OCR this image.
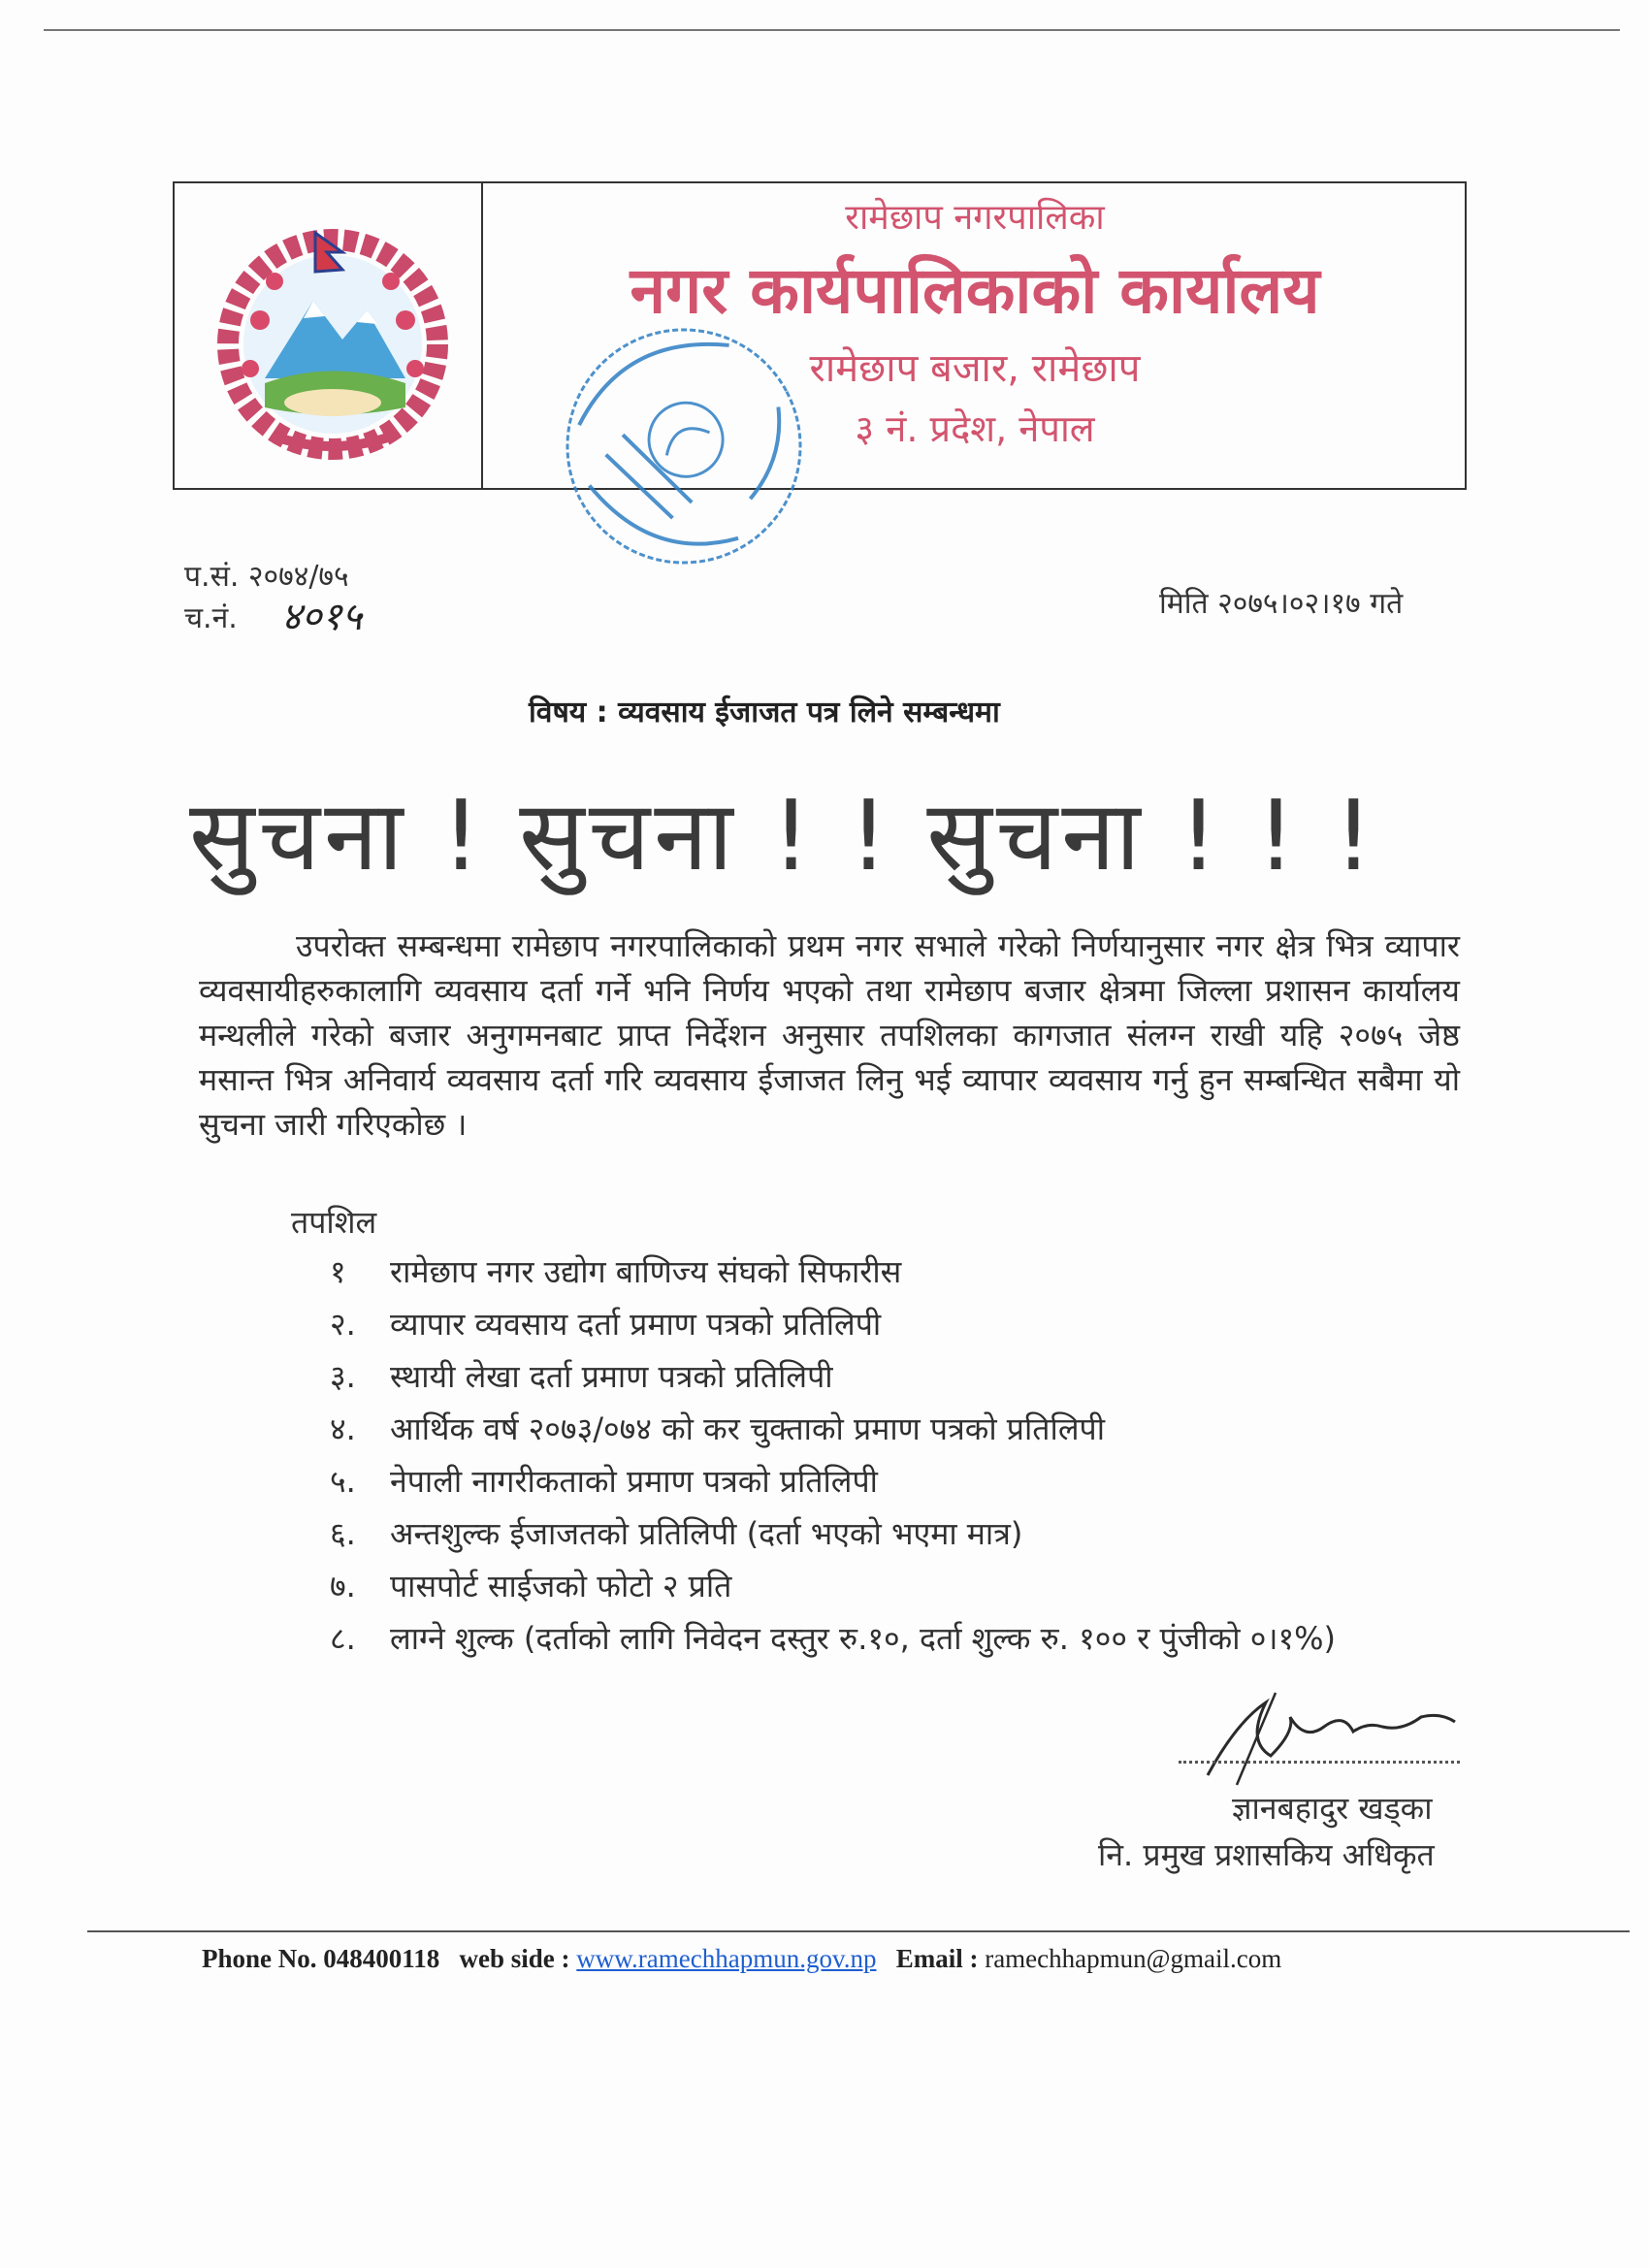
रामेछाप नगरपालिका
नगर कार्यपालिकाको कार्यालय
रामेछाप बजार, रामेछाप
३ नं. प्रदेश, नेपाल
प.सं. २०७४/७५
च.नं. ४०१५	मिति २०७५।०२।१७ गते
विषय : व्यवसाय ईजाजत पत्र लिने सम्बन्धमा
सुचना ! सुचना ! ! सुचना ! ! !
उपरोक्त सम्बन्धमा रामेछाप नगरपालिकाको प्रथम नगर सभाले गरेको निर्णयानुसार नगर क्षेत्र भित्र व्यापार व्यवसायीहरुकालागि व्यवसाय दर्ता गर्ने भनि निर्णय भएको तथा रामेछाप बजार क्षेत्रमा जिल्ला प्रशासन कार्यालय मन्थलीले गरेको बजार अनुगमनबाट प्राप्त निर्देशन अनुसार तपशिलका कागजात संलग्न राखी यहि २०७५ जेष्ठ मसान्त भित्र अनिवार्य व्यवसाय दर्ता गरि व्यवसाय ईजाजत लिनु भई व्यापार व्यवसाय गर्नु हुन सम्बन्धित सबैमा यो सुचना जारी गरिएकोछ ।
तपशिल
१ रामेछाप नगर उद्योग बाणिज्य संघको सिफारीस
२. व्यापार व्यवसाय दर्ता प्रमाण पत्रको प्रतिलिपी
३. स्थायी लेखा दर्ता प्रमाण पत्रको प्रतिलिपी
४. आर्थिक वर्ष २०७३/०७४ को कर चुक्ताको प्रमाण पत्रको प्रतिलिपी
५. नेपाली नागरीकताको प्रमाण पत्रको प्रतिलिपी
६. अन्तशुल्क ईजाजतको प्रतिलिपी (दर्ता भएको भएमा मात्र)
७. पासपोर्ट साईजको फोटो २ प्रति
८. लाग्ने शुल्क (दर्ताको लागि निवेदन दस्तुर रु.१०, दर्ता शुल्क रु. १०० र पुंजीको ०।१%)
ज्ञानबहादुर खड्का
नि. प्रमुख प्रशासकिय अधिकृत
Phone No. 048400118 web side : www.ramechhapmun.gov.np Email : ramechhapmun@gmail.com
